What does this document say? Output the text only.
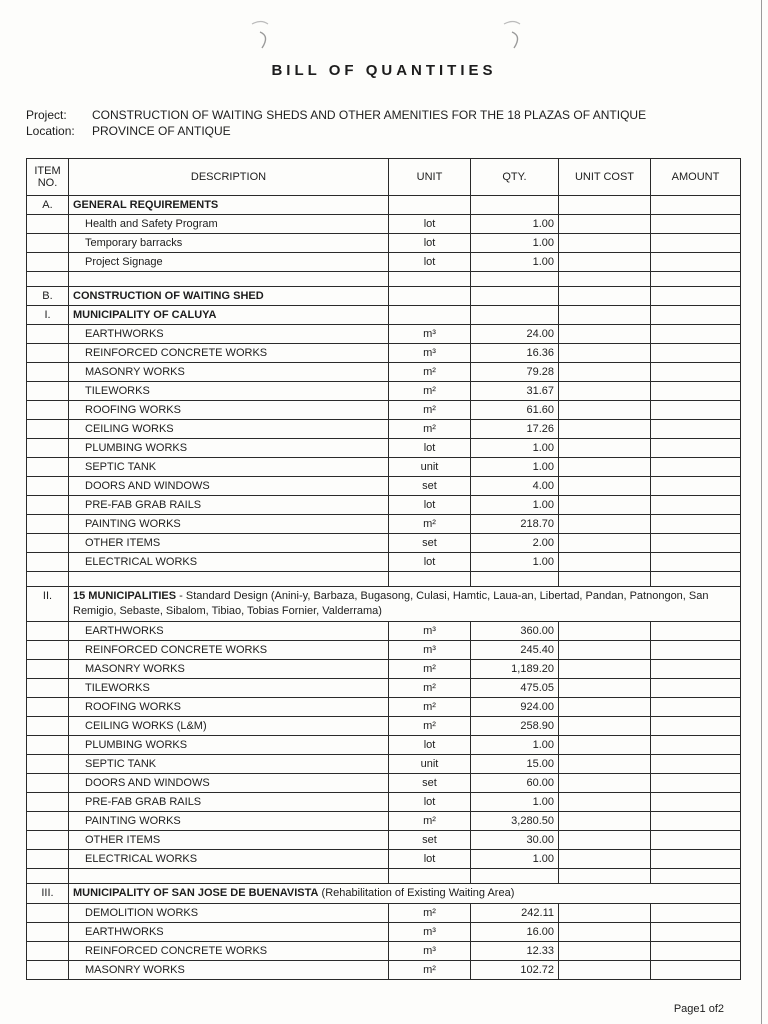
BILL OF QUANTITIES
Project: CONSTRUCTION OF WAITING SHEDS AND OTHER AMENITIES FOR THE 18 PLAZAS OF ANTIQUE
Location: PROVINCE OF ANTIQUE
ITEM
NO.	DESCRIPTION	UNIT	QTY.	UNIT COST	AMOUNT
A.	GENERAL REQUIREMENTS				
	Health and Safety Program	lot	1.00		
	Temporary barracks	lot	1.00		
	Project Signage	lot	1.00		

B.	CONSTRUCTION OF WAITING SHED				
I.	MUNICIPALITY OF CALUYA				
	EARTHWORKS	m³	24.00		
	REINFORCED CONCRETE WORKS	m³	16.36		
	MASONRY WORKS	m²	79.28		
	TILEWORKS	m²	31.67		
	ROOFING WORKS	m²	61.60		
	CEILING WORKS	m²	17.26		
	PLUMBING WORKS	lot	1.00		
	SEPTIC TANK	unit	1.00		
	DOORS AND WINDOWS	set	4.00		
	PRE-FAB GRAB RAILS	lot	1.00		
	PAINTING WORKS	m²	218.70		
	OTHER ITEMS	set	2.00		
	ELECTRICAL WORKS	lot	1.00		

II.	15 MUNICIPALITIES - Standard Design (Anini-y, Barbaza, Bugasong, Culasi, Hamtic, Laua-an, Libertad, Pandan, Patnongon, San Remigio, Sebaste, Sibalom, Tibiao, Tobias Fornier, Valderrama)				
	EARTHWORKS	m³	360.00		
	REINFORCED CONCRETE WORKS	m³	245.40		
	MASONRY WORKS	m²	1,189.20		
	TILEWORKS	m²	475.05		
	ROOFING WORKS	m²	924.00		
	CEILING WORKS (L&M)	m²	258.90		
	PLUMBING WORKS	lot	1.00		
	SEPTIC TANK	unit	15.00		
	DOORS AND WINDOWS	set	60.00		
	PRE-FAB GRAB RAILS	lot	1.00		
	PAINTING WORKS	m²	3,280.50		
	OTHER ITEMS	set	30.00		
	ELECTRICAL WORKS	lot	1.00		

III.	MUNICIPALITY OF SAN JOSE DE BUENAVISTA (Rehabilitation of Existing Waiting Area)				
	DEMOLITION WORKS	m²	242.11		
	EARTHWORKS	m³	16.00		
	REINFORCED CONCRETE WORKS	m³	12.33		
	MASONRY WORKS	m²	102.72		
Page1 of2
